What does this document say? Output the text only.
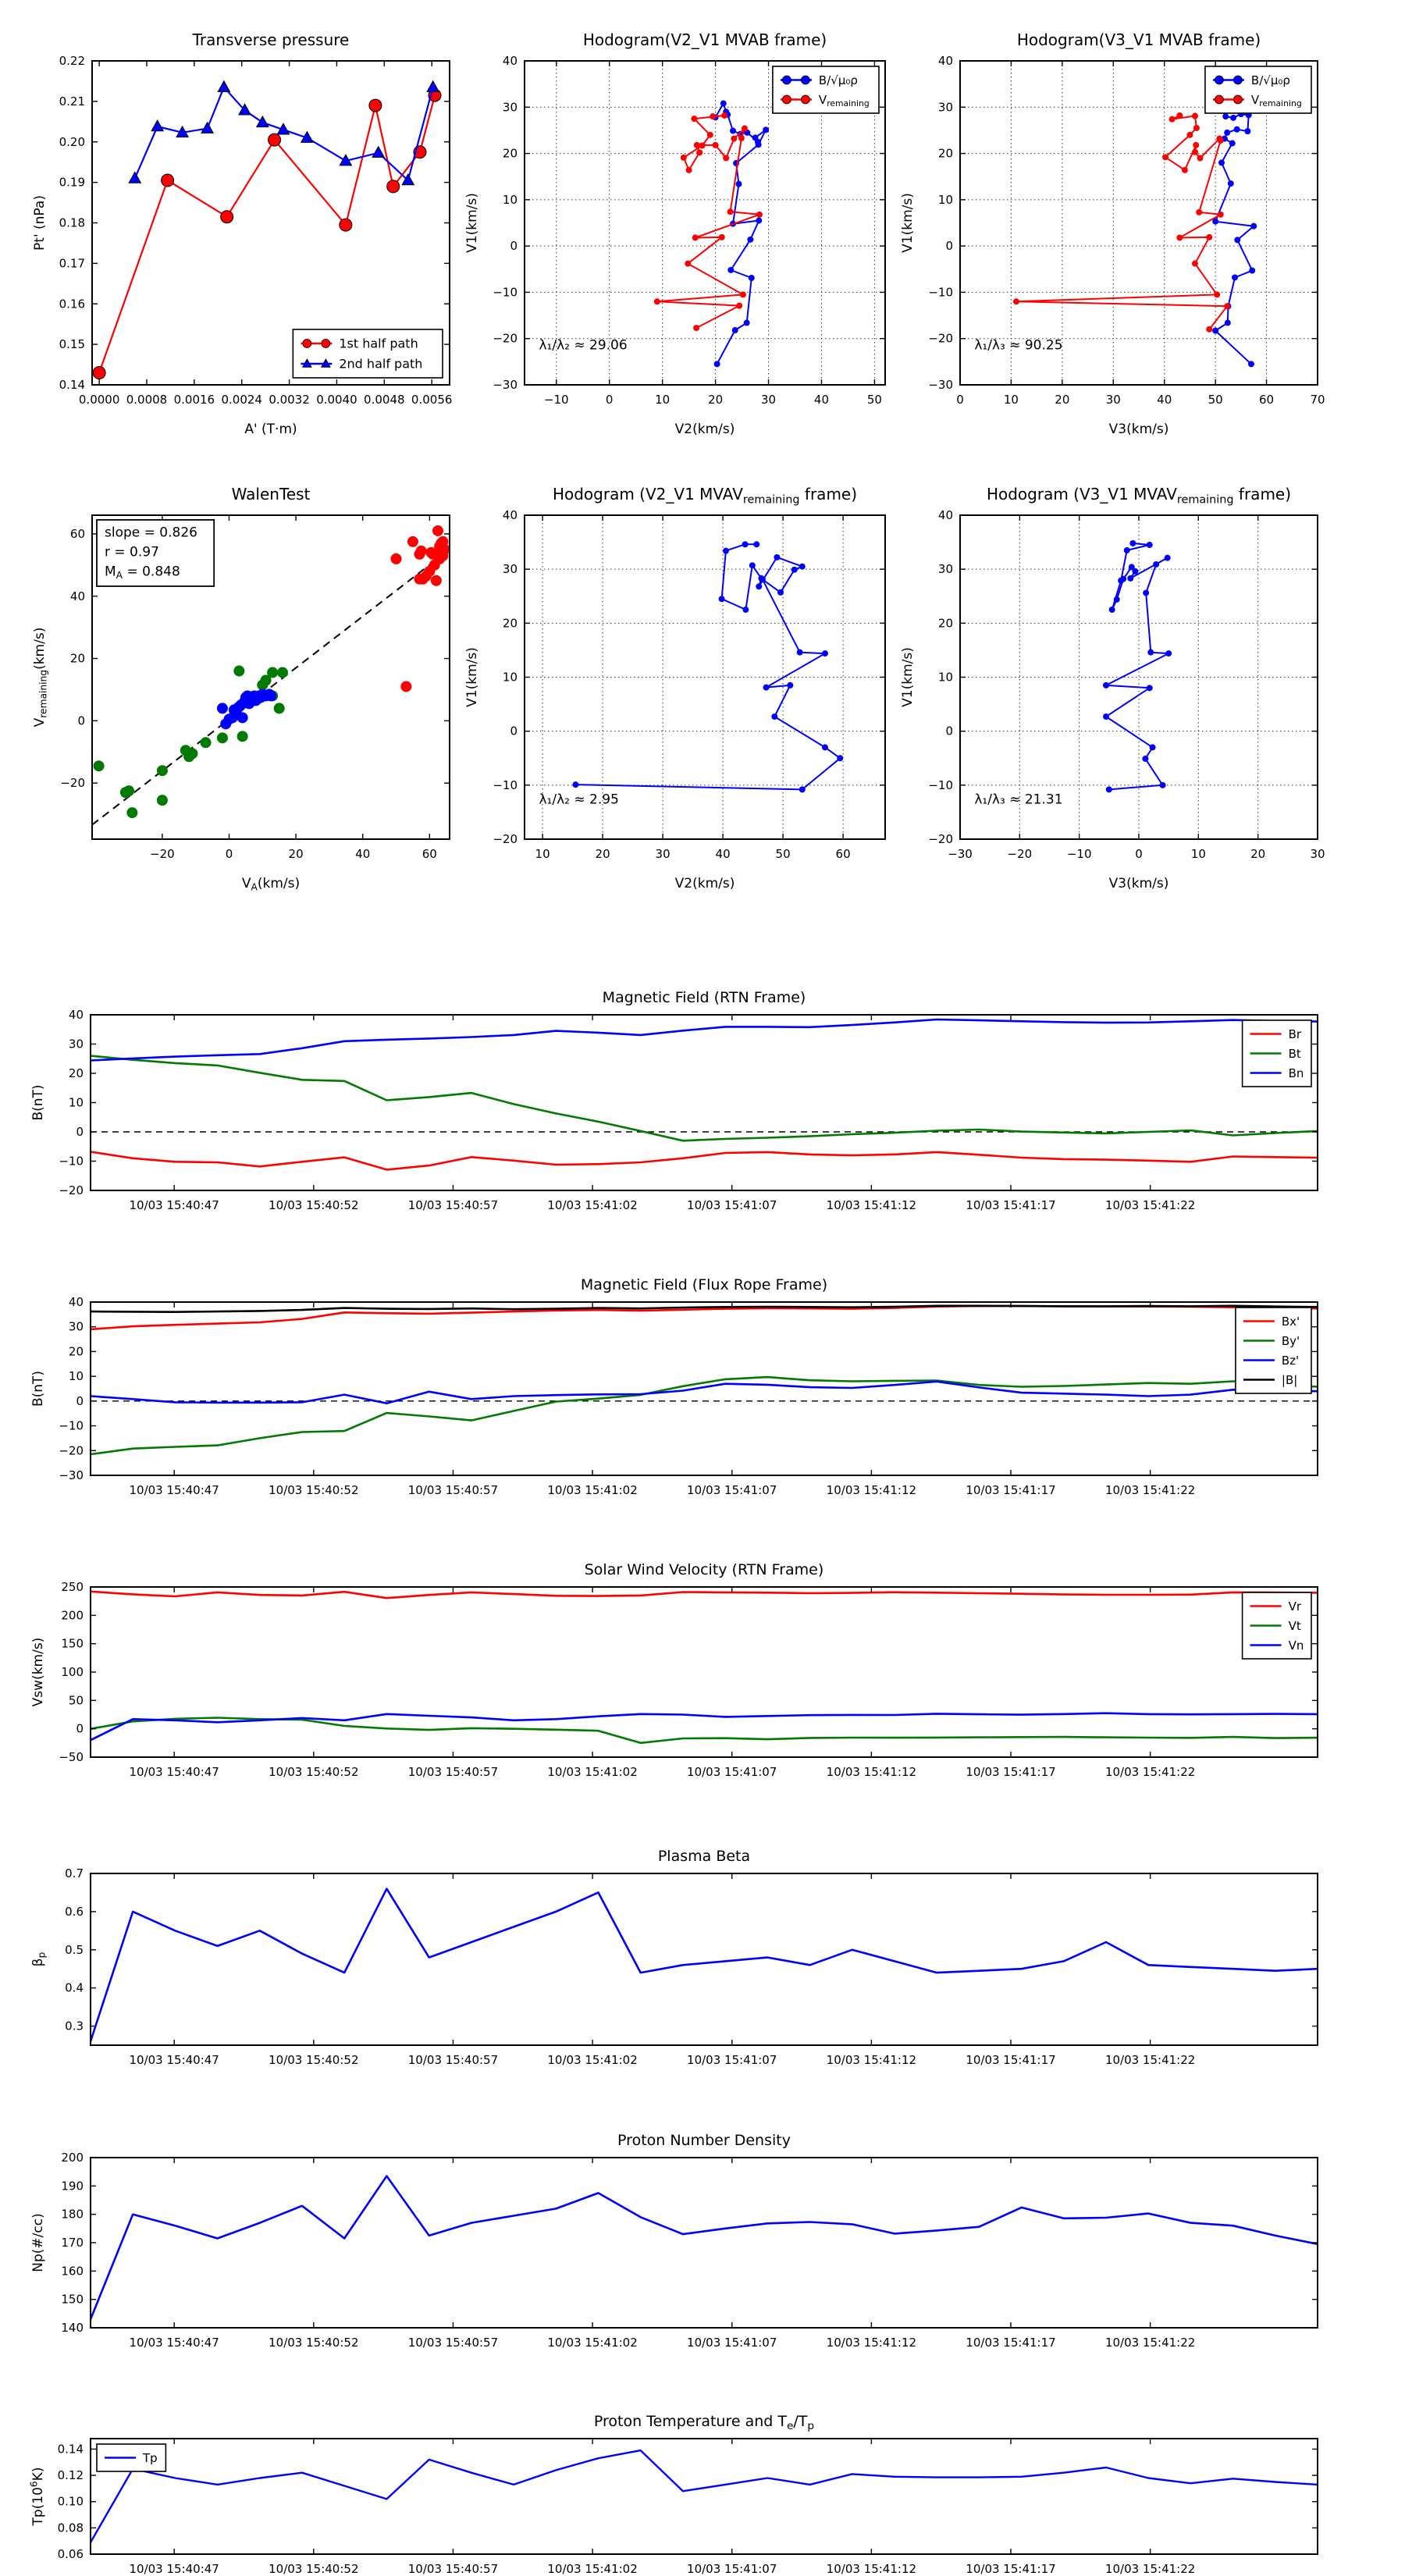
0.0000 0.0008 0.0016 0.0024 0.0032 0.0040 0.0048 0.0056
0.14
0.15
0.16
0.17
0.18
0.19
0.20
0.21
0.22
Transverse pressure
A' (T·m)
Pt' (nPa)
1st half path
2nd half path
−10	0	10	20	30	40	50
−30
−20
−10
0
10
20
30
40
Hodogram(V2_V1 MVAB frame)
V2(km/s)
V1(km/s)
λ₁/λ₂ ≈ 29.06
B/√μ₀ρ
$V_{remaining}$
0	10	20	30	40	50	60	70
−30
−20
−10
0
10
20
30
40
Hodogram(V3_V1 MVAB frame)
V3(km/s)
V1(km/s)
λ₁/λ₃ ≈ 90.25
B/√μ₀ρ
$V_{remaining}$
−20	0	20	40	60
−20
0
20
40
60
WalenTest
$V_A(km/s)$
$V_{remaining}(km/s)$
slope = 0.826
r = 0.97
$M_A = 0.848$
10	20	30	40	50	60
−20
−10
0
10
20
30
40
Hodogram (V2_V1 $MVAV_{remaining}$ frame)
V2(km/s)
V1(km/s)
λ₁/λ₂ ≈ 2.95
−30	−20	−10	0	10	20	30
−20
−10
0
10
20
30
40
Hodogram (V3_V1 $MVAV_{remaining}$ frame)
V3(km/s)
V1(km/s)
λ₁/λ₃ ≈ 21.31
10/03 15:40:47	10/03 15:40:52	10/03 15:40:57	10/03 15:41:02	10/03 15:41:07	10/03 15:41:12	10/03 15:41:17	10/03 15:41:22
−20
−10
0
10
20
30
40
Magnetic Field (RTN Frame)
B(nT)
Br
Bt
Bn
10/03 15:40:47	10/03 15:40:52	10/03 15:40:57	10/03 15:41:02	10/03 15:41:07	10/03 15:41:12	10/03 15:41:17	10/03 15:41:22
−30
−20
−10
0
10
20
30
40
Magnetic Field (Flux Rope Frame)
B(nT)
Bx'
By'
Bz'
|B|
10/03 15:40:47	10/03 15:40:52	10/03 15:40:57	10/03 15:41:02	10/03 15:41:07	10/03 15:41:12	10/03 15:41:17	10/03 15:41:22
−50
0
50
100
150
200
250
Solar Wind Velocity (RTN Frame)
Vsw(km/s)
Vr
Vt
Vn
10/03 15:40:47	10/03 15:40:52	10/03 15:40:57	10/03 15:41:02	10/03 15:41:07	10/03 15:41:12	10/03 15:41:17	10/03 15:41:22
0.3
0.4
0.5
0.6
0.7
Plasma Beta
$\beta_p$
10/03 15:40:47	10/03 15:40:52	10/03 15:40:57	10/03 15:41:02	10/03 15:41:07	10/03 15:41:12	10/03 15:41:17	10/03 15:41:22
140
150
160
170
180
190
200
Proton Number Density
Np(#/cc)
10/03 15:40:47	10/03 15:40:52	10/03 15:40:57	10/03 15:41:02	10/03 15:41:07	10/03 15:41:12	10/03 15:41:17	10/03 15:41:22
0.06
0.08
0.10
0.12
0.14
Proton Temperature and $T_e/T_p$
$Tp(10^6K)$
Tp
